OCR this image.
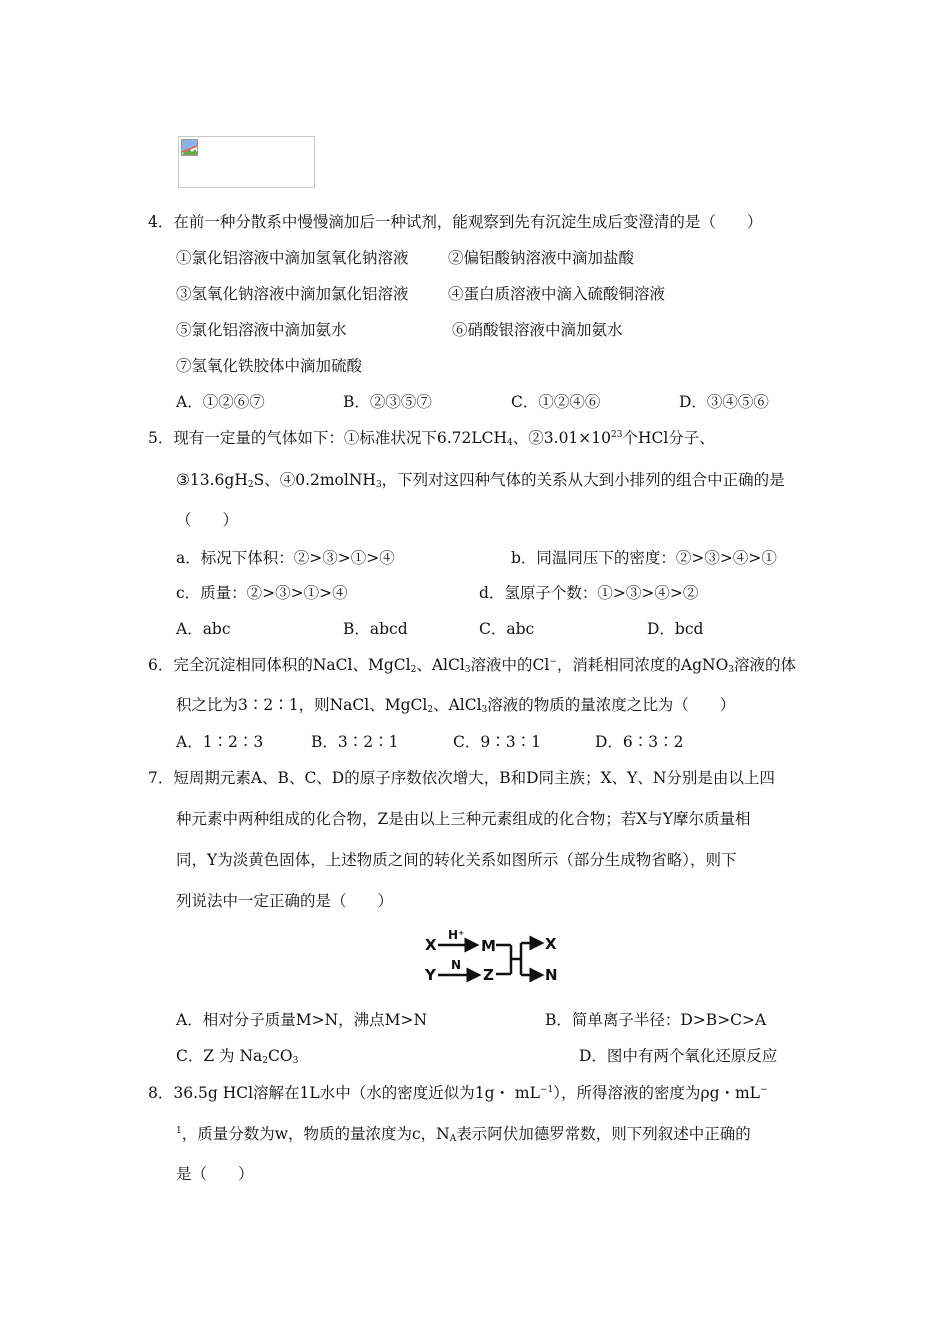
4．在前一种分散系中慢慢滴加后一种试剂，能观察到先有沉淀生成后变澄清的是（　　）
①氯化铝溶液中滴加氢氧化钠溶液	②偏铝酸钠溶液中滴加盐酸
③氢氧化钠溶液中滴加氯化铝溶液	④蛋白质溶液中滴入硫酸铜溶液
⑤氯化铝溶液中滴加氨水	⑥硝酸银溶液中滴加氨水
⑦氢氧化铁胶体中滴加硫酸
A．①②⑥⑦	B．②③⑤⑦	C．①②④⑥	D．③④⑤⑥
5．现有一定量的气体如下：①标准状况下$6.72LCH_4$、$②3.01\times 10^{23}$个HCl分子、
$③13.6gH_2S$、④0.2molNH$_3$，下列对这四种气体的关系从大到小排列的组合中正确的是
（　　）
a．标况下体积：②>③>①>④	b．同温同压下的密度：②>③>④>①
c．质量：②>③>①>④	d．氢原子个数：①>③>④>②
A．abc	B．abcd	C．abc	D．bcd
6．完全沉淀相同体积的NaCl、MgCl$_2$、AlCl$_3$溶液中的Cl−，消耗相同浓度的AgNO$_3$溶液的体
积之比为3∶2∶1，则NaCl、MgCl$_2$、AlCl$_3$溶液的物质的量浓度之比为（　　）
A．1∶2∶3	B．3∶2∶1	C．9∶3∶1	D．6∶3∶2
7．短周期元素A、B、C、D的原子序数依次增大，B和D同主族；X、Y、N分别是由以上四
种元素中两种组成的化合物，Z是由以上三种元素组成的化合物；若X与Y摩尔质量相
同，Y为淡黄色固体，上述物质之间的转化关系如图所示（部分生成物省略），则下
列说法中一定正确的是（　　）
X
H⁺
M
Y
N
Z
X
N
A．相对分子质量M>N，沸点M>N	B．简单离子半径：D>B>C>A
C．Z 为 $Na_2CO_3$	D．图中有两个氧化还原反应
8．36.5g HCl溶解在1L水中（水的密度近似为1g・ $mL^{-1}$），所得溶液的密度为ρg・mL−
$^1$，质量分数为w，物质的量浓度为c，$N_A$表示阿伏加德罗常数，则下列叙述中正确的
是（　　）
